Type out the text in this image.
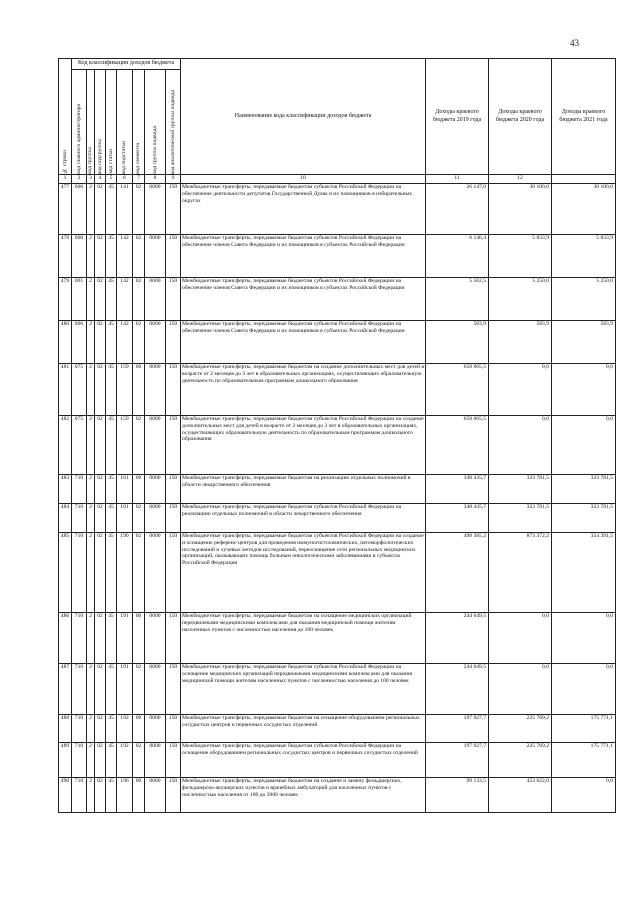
43
№ строки	Код классификации доходов бюджета								Наименование кода классификации доходов бюджета	Доходы краевого бюджета 2019 года	Доходы краевого бюджета 2020 года	Доходы краевого бюджета 2021 года

	код главного администратора	код группы	код подгруппы	код статьи	код подстатьи	код элемента	код группы подвида	код аналитической группы подвида				

1	2	3	4	5	6	7	8	9	10	11	12	
477	006	2	02	45	141	02	0000	150	Межбюджетные трансферты, передаваемые бюджетам субъектов Российской Федерации на обеспечение деятельности депутатов Государственной Думы и их помощников в избирательных округах	26 147,0	30 100,0	30 100,0
478	000	2	02	45	142	02	0000	150	Межбюджетные трансферты, передаваемые бюджетам субъектов Российской Федерации на обеспечение членов Совета Федерации и их помощников в субъектах Российской Федерации	6 146,4	5 833,9	5 833,9
479	001	2	02	45	142	02	0000	150	Межбюджетные трансферты, передаваемые бюджетам субъектов Российской Федерации на обеспечение членов Совета Федерации и их помощников в субъектах Российской Федерации	5 562,5	5 250,0	5 250,0
480	006	2	02	45	142	02	0000	150	Межбюджетные трансферты, передаваемые бюджетам субъектов Российской Федерации на обеспечение членов Совета Федерации и их помощников в субъектах Российской Федерации	583,9	583,9	583,9
481	075	2	02	45	159	00	0000	150	Межбюджетные трансферты, передаваемые бюджетам на создание дополнительных мест для детей в возрасте от 2 месяцев до 3 лет в образовательных организациях, осуществляющих образовательную деятельность по образовательным программам дошкольного образования	658 065,5	0,0	0,0
482	075	2	02	45	159	02	0000	150	Межбюджетные трансферты, передаваемые бюджетам субъектов Российской Федерации на создание дополнительных мест для детей в возрасте от 2 месяцев до 3 лет в образовательных организациях, осуществляющих образовательную деятельность по образовательным программам дошкольного образования	658 065,5	0,0	0,0
483	710	2	02	45	161	00	0000	150	Межбюджетные трансферты, передаваемые бюджетам на реализацию отдельных полномочий в области лекарственного обеспечения	348 435,7	323 781,5	323 781,5
484	710	2	02	45	161	02	0000	150	Межбюджетные трансферты, передаваемые бюджетам субъектов Российской Федерации на реализацию отдельных полномочий в области лекарственного обеспечения	348 435,7	323 781,5	323 781,5
485	710	2	02	45	190	02	0000	150	Межбюджетные трансферты, передаваемые бюджетам субъектов Российской Федерации на создание и оснащение референс-центров для проведения иммуногистохимических, патоморфологических исследований и лучевых методов исследований, переоснащение сети региональных медицинских организаций, оказывающих помощь больным онкологическими заболеваниями в субъектах Российской Федерации	498 385,2	873 372,2	354 391,5
486	710	2	02	45	191	00	0000	150	Межбюджетные трансферты, передаваемые бюджетам на оснащение медицинских организаций передвижными медицинскими комплексами для оказания медицинской помощи жителям населенных пунктов с численностью населения до 100 человек	244 649,5	0,0	0,0
487	710	2	02	45	191	02	0000	150	Межбюджетные трансферты, передаваемые бюджетам субъектов Российской Федерации на оснащение медицинских организаций передвижными медицинскими комплексами для оказания медицинской помощи жителям населенных пунктов с численностью населения до 100 человек	244 649,5	0,0	0,0
488	710	2	02	45	192	00	0000	150	Межбюджетные трансферты, передаваемые бюджетам на оснащение оборудованием региональных сосудистых центров и первичных сосудистых отделений	197 927,7	225 769,2	175 771,1
489	710	2	02	45	192	02	0000	150	Межбюджетные трансферты, передаваемые бюджетам субъектов Российской Федерации на оснащение оборудованием региональных сосудистых центров и первичных сосудистых отделений	197 927,7	225 769,2	175 771,1
490	710	2	02	45	196	00	0000	150	Межбюджетные трансферты, передаваемые бюджетам на создание и замену фельдшерских, фельдшерско-акушерских пунктов и врачебных амбулаторий для населенных пунктов с численностью населения от 100 до 2000 человек	99 133,5	453 622,0	0,0
